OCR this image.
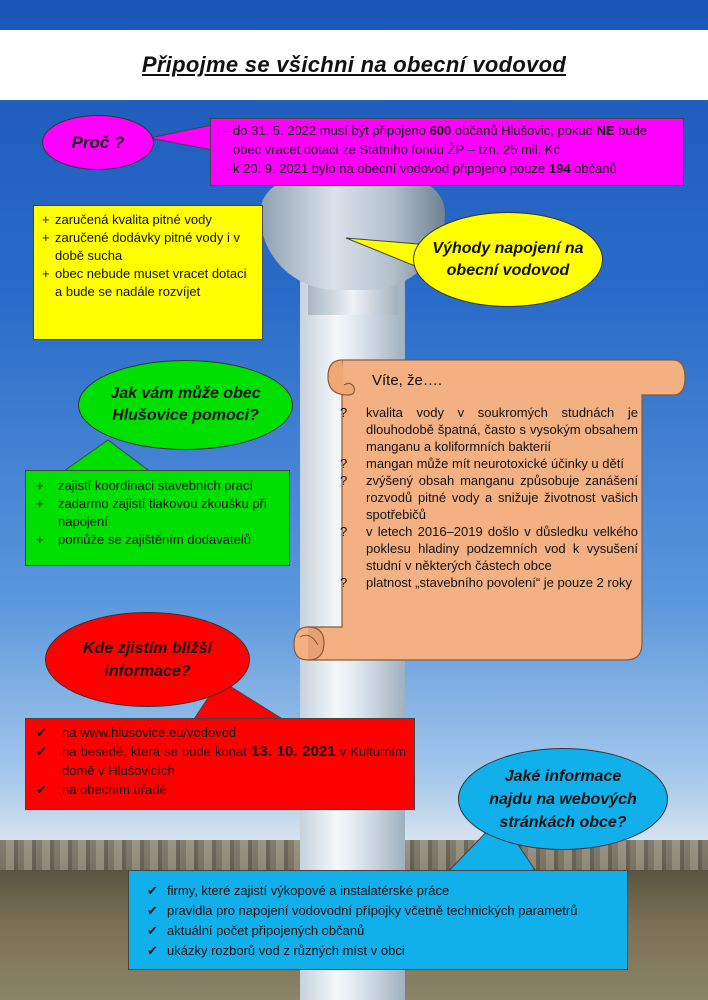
Připojme se všichni na obecní vodovod
Proč ?
– do 31. 5. 2022 musí být připojeno 600 občanů Hlušovic, pokud NE bude obec vracet dotaci ze Státního fondu ŽP – tzn. 25 mil. Kč
– k 20. 9. 2021 bylo na obecní vodovod připojeno pouze 194 občanů
+ zaručená kvalita pitné vody
+ zaručené dodávky pitné vody i v době sucha
+ obec nebude muset vracet dotaci a bude se nadále rozvíjet
Výhody napojení na obecní vodovod
Jak vám může obec Hlušovice pomoci?
+ zajistí koordinaci stavebních prací
+ zadarmo zajistí tlakovou zkoušku při napojení
+ pomůže se zajištěním dodavatelů
Víte, že….
? kvalita vody v soukromých studnách je dlouhodobě špatná, často s vysokým obsahem manganu a koliformních bakterií
? mangan může mít neurotoxické účinky u dětí
? zvýšený obsah manganu způsobuje zanášení rozvodů pitné vody a snižuje životnost vašich spotřebičů
? v letech 2016–2019 došlo v důsledku velkého poklesu hladiny podzemních vod k vysušení studní v některých částech obce
? platnost „stavebního povolení“ je pouze 2 roky
Kde zjistím bližší informace?
✔ na www.hlusovice.eu/vodovod
✔ na besedě, která se bude konat 13. 10. 2021 v Kulturním domě v Hlušovicích
✔ na obecním úřadě
Jaké informace najdu na webových stránkách obce?
✔ firmy, které zajistí výkopové a instalatérské práce
✔ pravidla pro napojení vodovodní přípojky včetně technických parametrů
✔ aktuální počet připojených občanů
✔ ukázky rozborů vod z různých míst v obci
